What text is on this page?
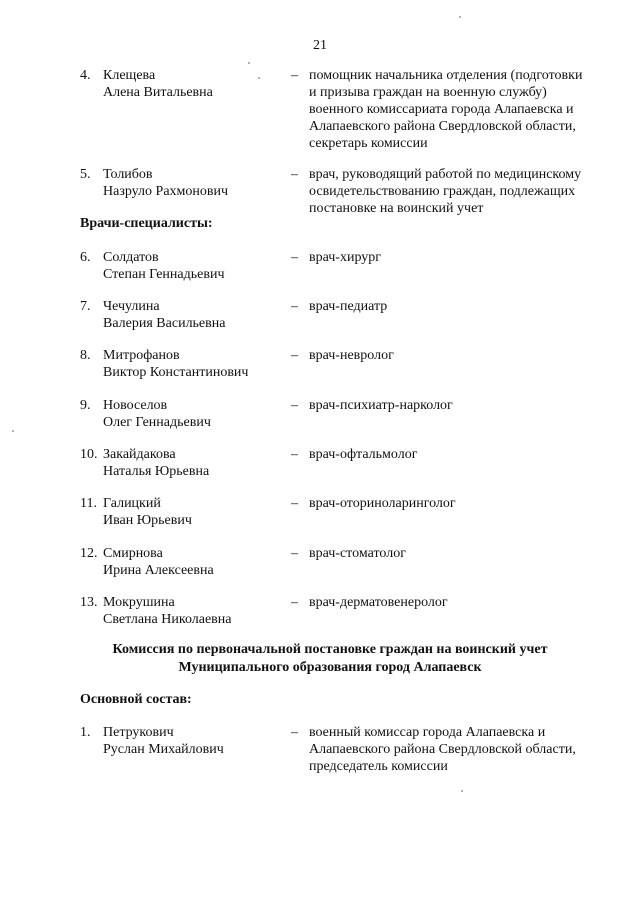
21
4. Клещева
Алена Витальевна
– помощник начальника отделения (подготовки
и призыва граждан на военную службу)
военного комиссариата города Алапаевска и
Алапаевского района Свердловской области,
секретарь комиссии
5. Толибов
Назруло Рахмонович
– врач, руководящий работой по медицинскому
освидетельствованию граждан, подлежащих
постановке на воинский учет
Врачи-специалисты:
6. Солдатов
Степан Геннадьевич
– врач-хирург
7. Чечулина
Валерия Васильевна
– врач-педиатр
8. Митрофанов
Виктор Константинович
– врач-невролог
9. Новоселов
Олег Геннадьевич
– врач-психиатр-нарколог
10. Закайдакова
Наталья Юрьевна
– врач-офтальмолог
11. Галицкий
Иван Юрьевич
– врач-оториноларинголог
12. Смирнова
Ирина Алексеевна
– врач-стоматолог
13. Мокрушина
Светлана Николаевна
– врач-дерматовенеролог
Комиссия по первоначальной постановке граждан на воинский учет
Муниципального образования город Алапаевск
Основной состав:
1. Петрукович
Руслан Михайлович
– военный комиссар города Алапаевска и
Алапаевского района Свердловской области,
председатель комиссии
